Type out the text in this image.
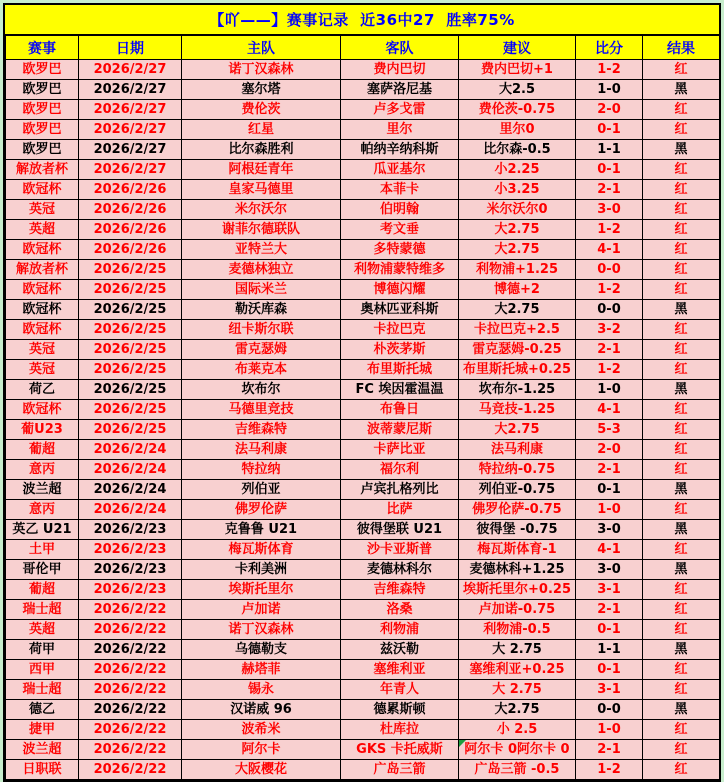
【吖——】赛事记录  近36中27  胜率75%
赛事	日期	主队	客队	建议	比分	结果
欧罗巴	2026/2/27	诺丁汉森林	费内巴切	费内巴切+1	1-2	红
欧罗巴	2026/2/27	塞尔塔	塞萨洛尼基	大2.5	1-0	黑
欧罗巴	2026/2/27	费伦茨	卢多戈雷	费伦茨-0.75	2-0	红
欧罗巴	2026/2/27	红星	里尔	里尔0	0-1	红
欧罗巴	2026/2/27	比尔森胜利	帕纳辛纳科斯	比尔森-0.5	1-1	黑
解放者杯	2026/2/27	阿根廷青年	瓜亚基尔	小2.25	0-1	红
欧冠杯	2026/2/26	皇家马德里	本菲卡	小3.25	2-1	红
英冠	2026/2/26	米尔沃尔	伯明翰	米尔沃尔0	3-0	红
英超	2026/2/26	谢菲尔德联队	考文垂	大2.75	1-2	红
欧冠杯	2026/2/26	亚特兰大	多特蒙德	大2.75	4-1	红
解放者杯	2026/2/25	麦德林独立	利物浦蒙特维多	利物浦+1.25	0-0	红
欧冠杯	2026/2/25	国际米兰	博德闪耀	博德+2	1-2	红
欧冠杯	2026/2/25	勒沃库森	奥林匹亚科斯	大2.75	0-0	黑
欧冠杯	2026/2/25	纽卡斯尔联	卡拉巴克	卡拉巴克+2.5	3-2	红
英冠	2026/2/25	雷克瑟姆	朴茨茅斯	雷克瑟姆-0.25	2-1	红
英冠	2026/2/25	布莱克本	布里斯托城	布里斯托城+0.25	1-2	红
荷乙	2026/2/25	坎布尔	FC 埃因霍温温	坎布尔-1.25	1-0	黑
欧冠杯	2026/2/25	马德里竞技	布鲁日	马竞技-1.25	4-1	红
葡U23	2026/2/25	吉维森特	波蒂蒙尼斯	大2.75	5-3	红
葡超	2026/2/24	法马利康	卡萨比亚	法马利康	2-0	红
意丙	2026/2/24	特拉纳	福尔利	特拉纳-0.75	2-1	红
波兰超	2026/2/24	列伯亚	卢宾扎格列比	列伯亚-0.75	0-1	黑
意丙	2026/2/24	佛罗伦萨	比萨	佛罗伦萨-0.75	1-0	红
英乙 U21	2026/2/23	克鲁鲁 U21	彼得堡联 U21	彼得堡 -0.75	3-0	黑
土甲	2026/2/23	梅瓦斯体育	沙卡亚斯普	梅瓦斯体育-1	4-1	红
哥伦甲	2026/2/23	卡利美洲	麦德林科尔	麦德林科+1.25	3-0	黑
葡超	2026/2/23	埃斯托里尔	吉维森特	埃斯托里尔+0.25	3-1	红
瑞士超	2026/2/22	卢加诺	洛桑	卢加诺-0.75	2-1	红
英超	2026/2/22	诺丁汉森林	利物浦	利物浦-0.5	0-1	红
荷甲	2026/2/22	乌德勒支	兹沃勒	大 2.75	1-1	黑
西甲	2026/2/22	赫塔菲	塞维利亚	塞维利亚+0.25	0-1	红
瑞士超	2026/2/22	锡永	年青人	大 2.75	3-1	红
德乙	2026/2/22	汉诺威 96	德累斯顿	大2.75	0-0	黑
捷甲	2026/2/22	波希米	杜库拉	小 2.5	1-0	红
波兰超	2026/2/22	阿尔卡	GKS 卡托威斯	阿尔卡 0阿尔卡 0	2-1	红
日职联	2026/2/22	大阪樱花	广岛三箭	广岛三箭 -0.5	1-2	红
